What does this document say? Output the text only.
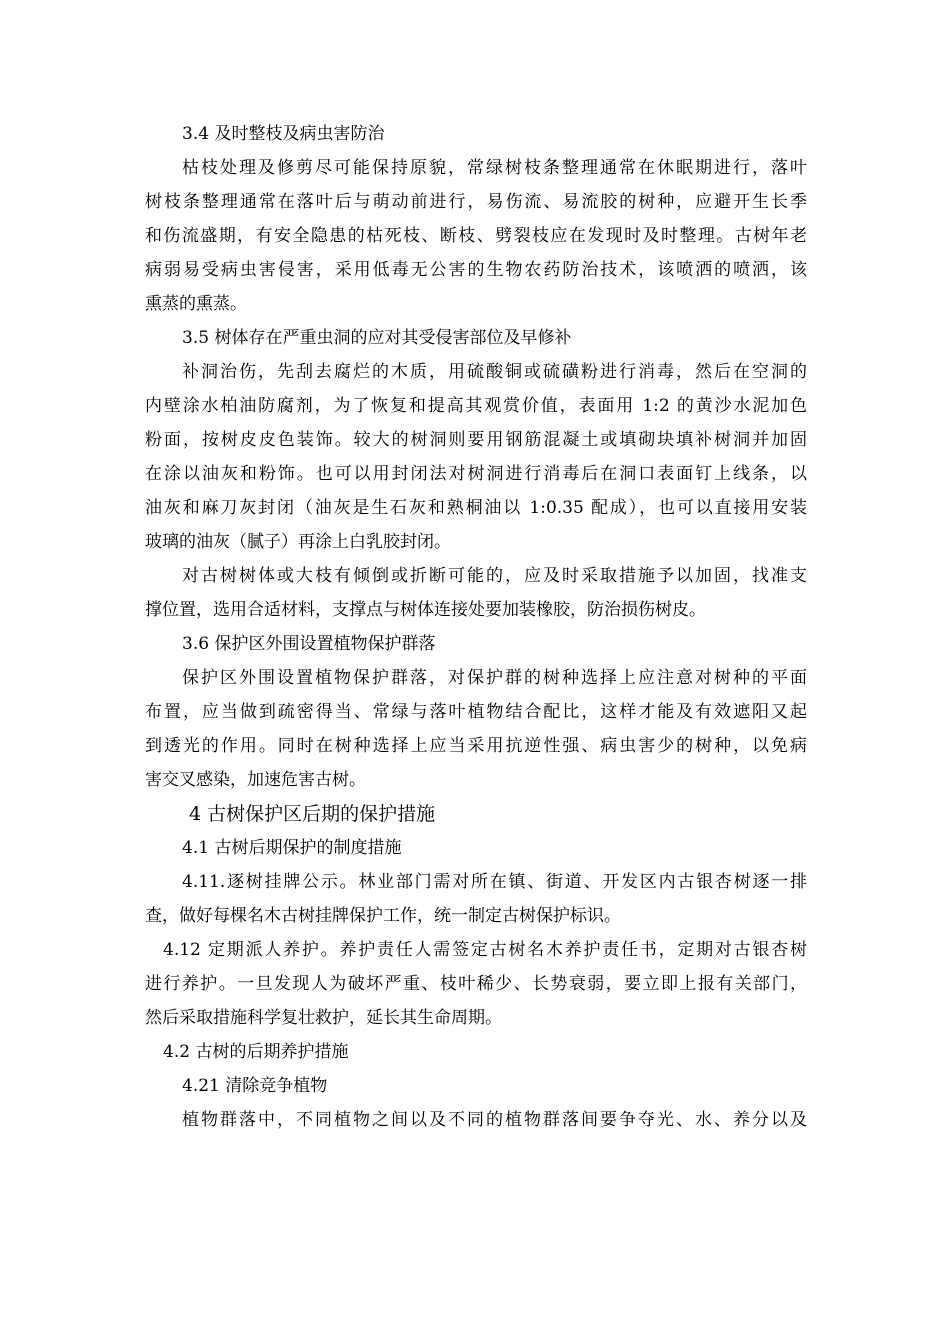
3.4 及时整枝及病虫害防治
枯枝处理及修剪尽可能保持原貌，常绿树枝条整理通常在休眠期进行，落叶
树枝条整理通常在落叶后与萌动前进行，易伤流、易流胶的树种，应避开生长季
和伤流盛期，有安全隐患的枯死枝、断枝、劈裂枝应在发现时及时整理。古树年老
病弱易受病虫害侵害，采用低毒无公害的生物农药防治技术，该喷洒的喷洒，该
熏蒸的熏蒸。
3.5 树体存在严重虫洞的应对其受侵害部位及早修补
补洞治伤，先刮去腐烂的木质，用硫酸铜或硫磺粉进行消毒，然后在空洞的
内壁涂水柏油防腐剂，为了恢复和提高其观赏价值，表面用 1:2 的黄沙水泥加色
粉面，按树皮皮色装饰。较大的树洞则要用钢筋混凝土或填砌块填补树洞并加固
在涂以油灰和粉饰。也可以用封闭法对树洞进行消毒后在洞口表面钉上线条，以
油灰和麻刀灰封闭（油灰是生石灰和熟桐油以 1:0.35 配成），也可以直接用安装
玻璃的油灰（腻子）再涂上白乳胶封闭。
对古树树体或大枝有倾倒或折断可能的，应及时采取措施予以加固，找准支
撑位置，选用合适材料，支撑点与树体连接处要加装橡胶，防治损伤树皮。
3.6 保护区外围设置植物保护群落
保护区外围设置植物保护群落，对保护群的树种选择上应注意对树种的平面
布置，应当做到疏密得当、常绿与落叶植物结合配比，这样才能及有效遮阳又起
到透光的作用。同时在树种选择上应当采用抗逆性强、病虫害少的树种，以免病
害交叉感染，加速危害古树。
4 古树保护区后期的保护措施
4.1 古树后期保护的制度措施
4.11.逐树挂牌公示。林业部门需对所在镇、街道、开发区内古银杏树逐一排
查，做好每棵名木古树挂牌保护工作，统一制定古树保护标识。
4.12 定期派人养护。养护责任人需签定古树名木养护责任书，定期对古银杏树
进行养护。一旦发现人为破坏严重、枝叶稀少、长势衰弱，要立即上报有关部门，
然后采取措施科学复壮救护，延长其生命周期。
4.2 古树的后期养护措施
4.21 清除竞争植物
植物群落中，不同植物之间以及不同的植物群落间要争夺光、水、养分以及
